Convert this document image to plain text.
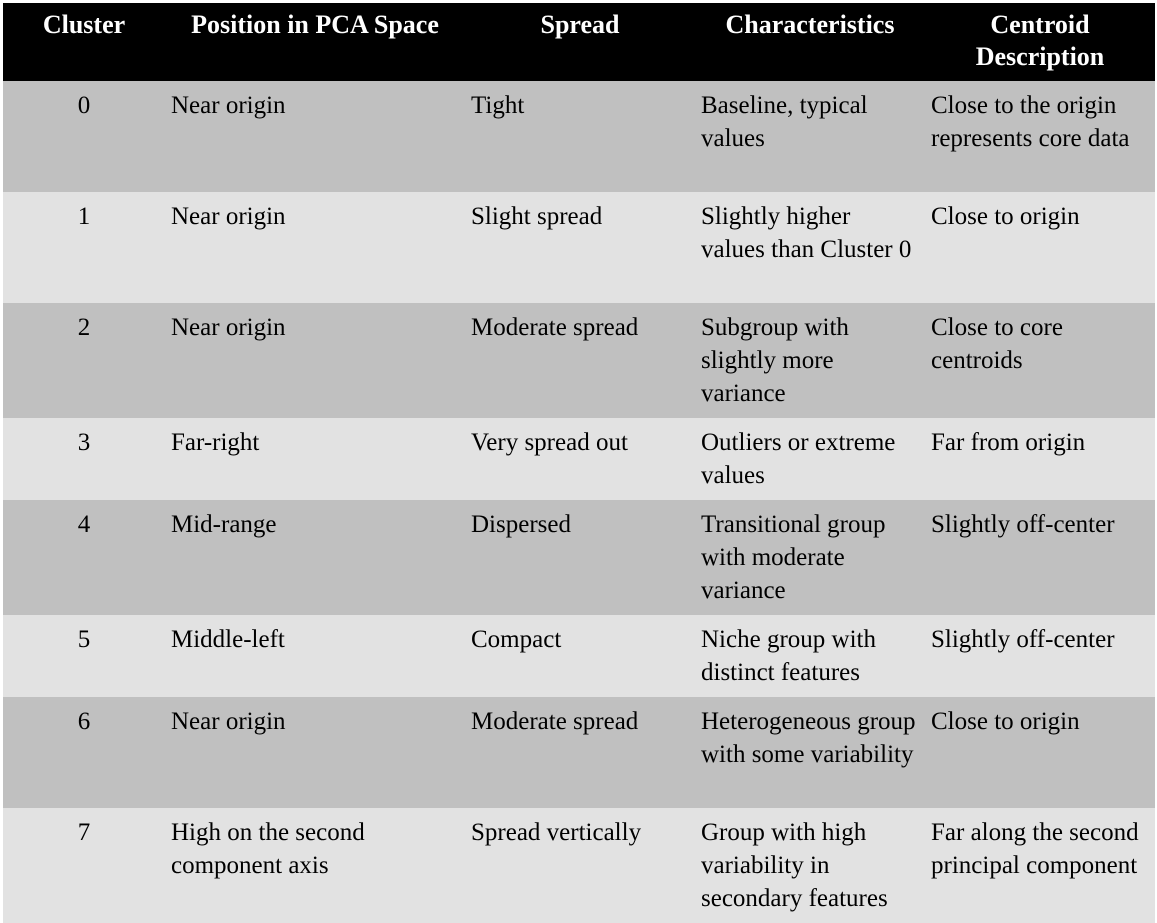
Cluster	Position in PCA Space	Spread	Characteristics	Centroid Description
0	Near origin	Tight	Baseline, typical values	Close to the origin represents core data
1	Near origin	Slight spread	Slightly higher values than Cluster 0	Close to origin
2	Near origin	Moderate spread	Subgroup with slightly more variance	Close to core centroids
3	Far-right	Very spread out	Outliers or extreme values	Far from origin
4	Mid-range	Dispersed	Transitional group with moderate variance	Slightly off-center
5	Middle-left	Compact	Niche group with distinct features	Slightly off-center
6	Near origin	Moderate spread	Heterogeneous group with some variability	Close to origin
7	High on the second component axis	Spread vertically	Group with high variability in secondary features	Far along the second principal component
